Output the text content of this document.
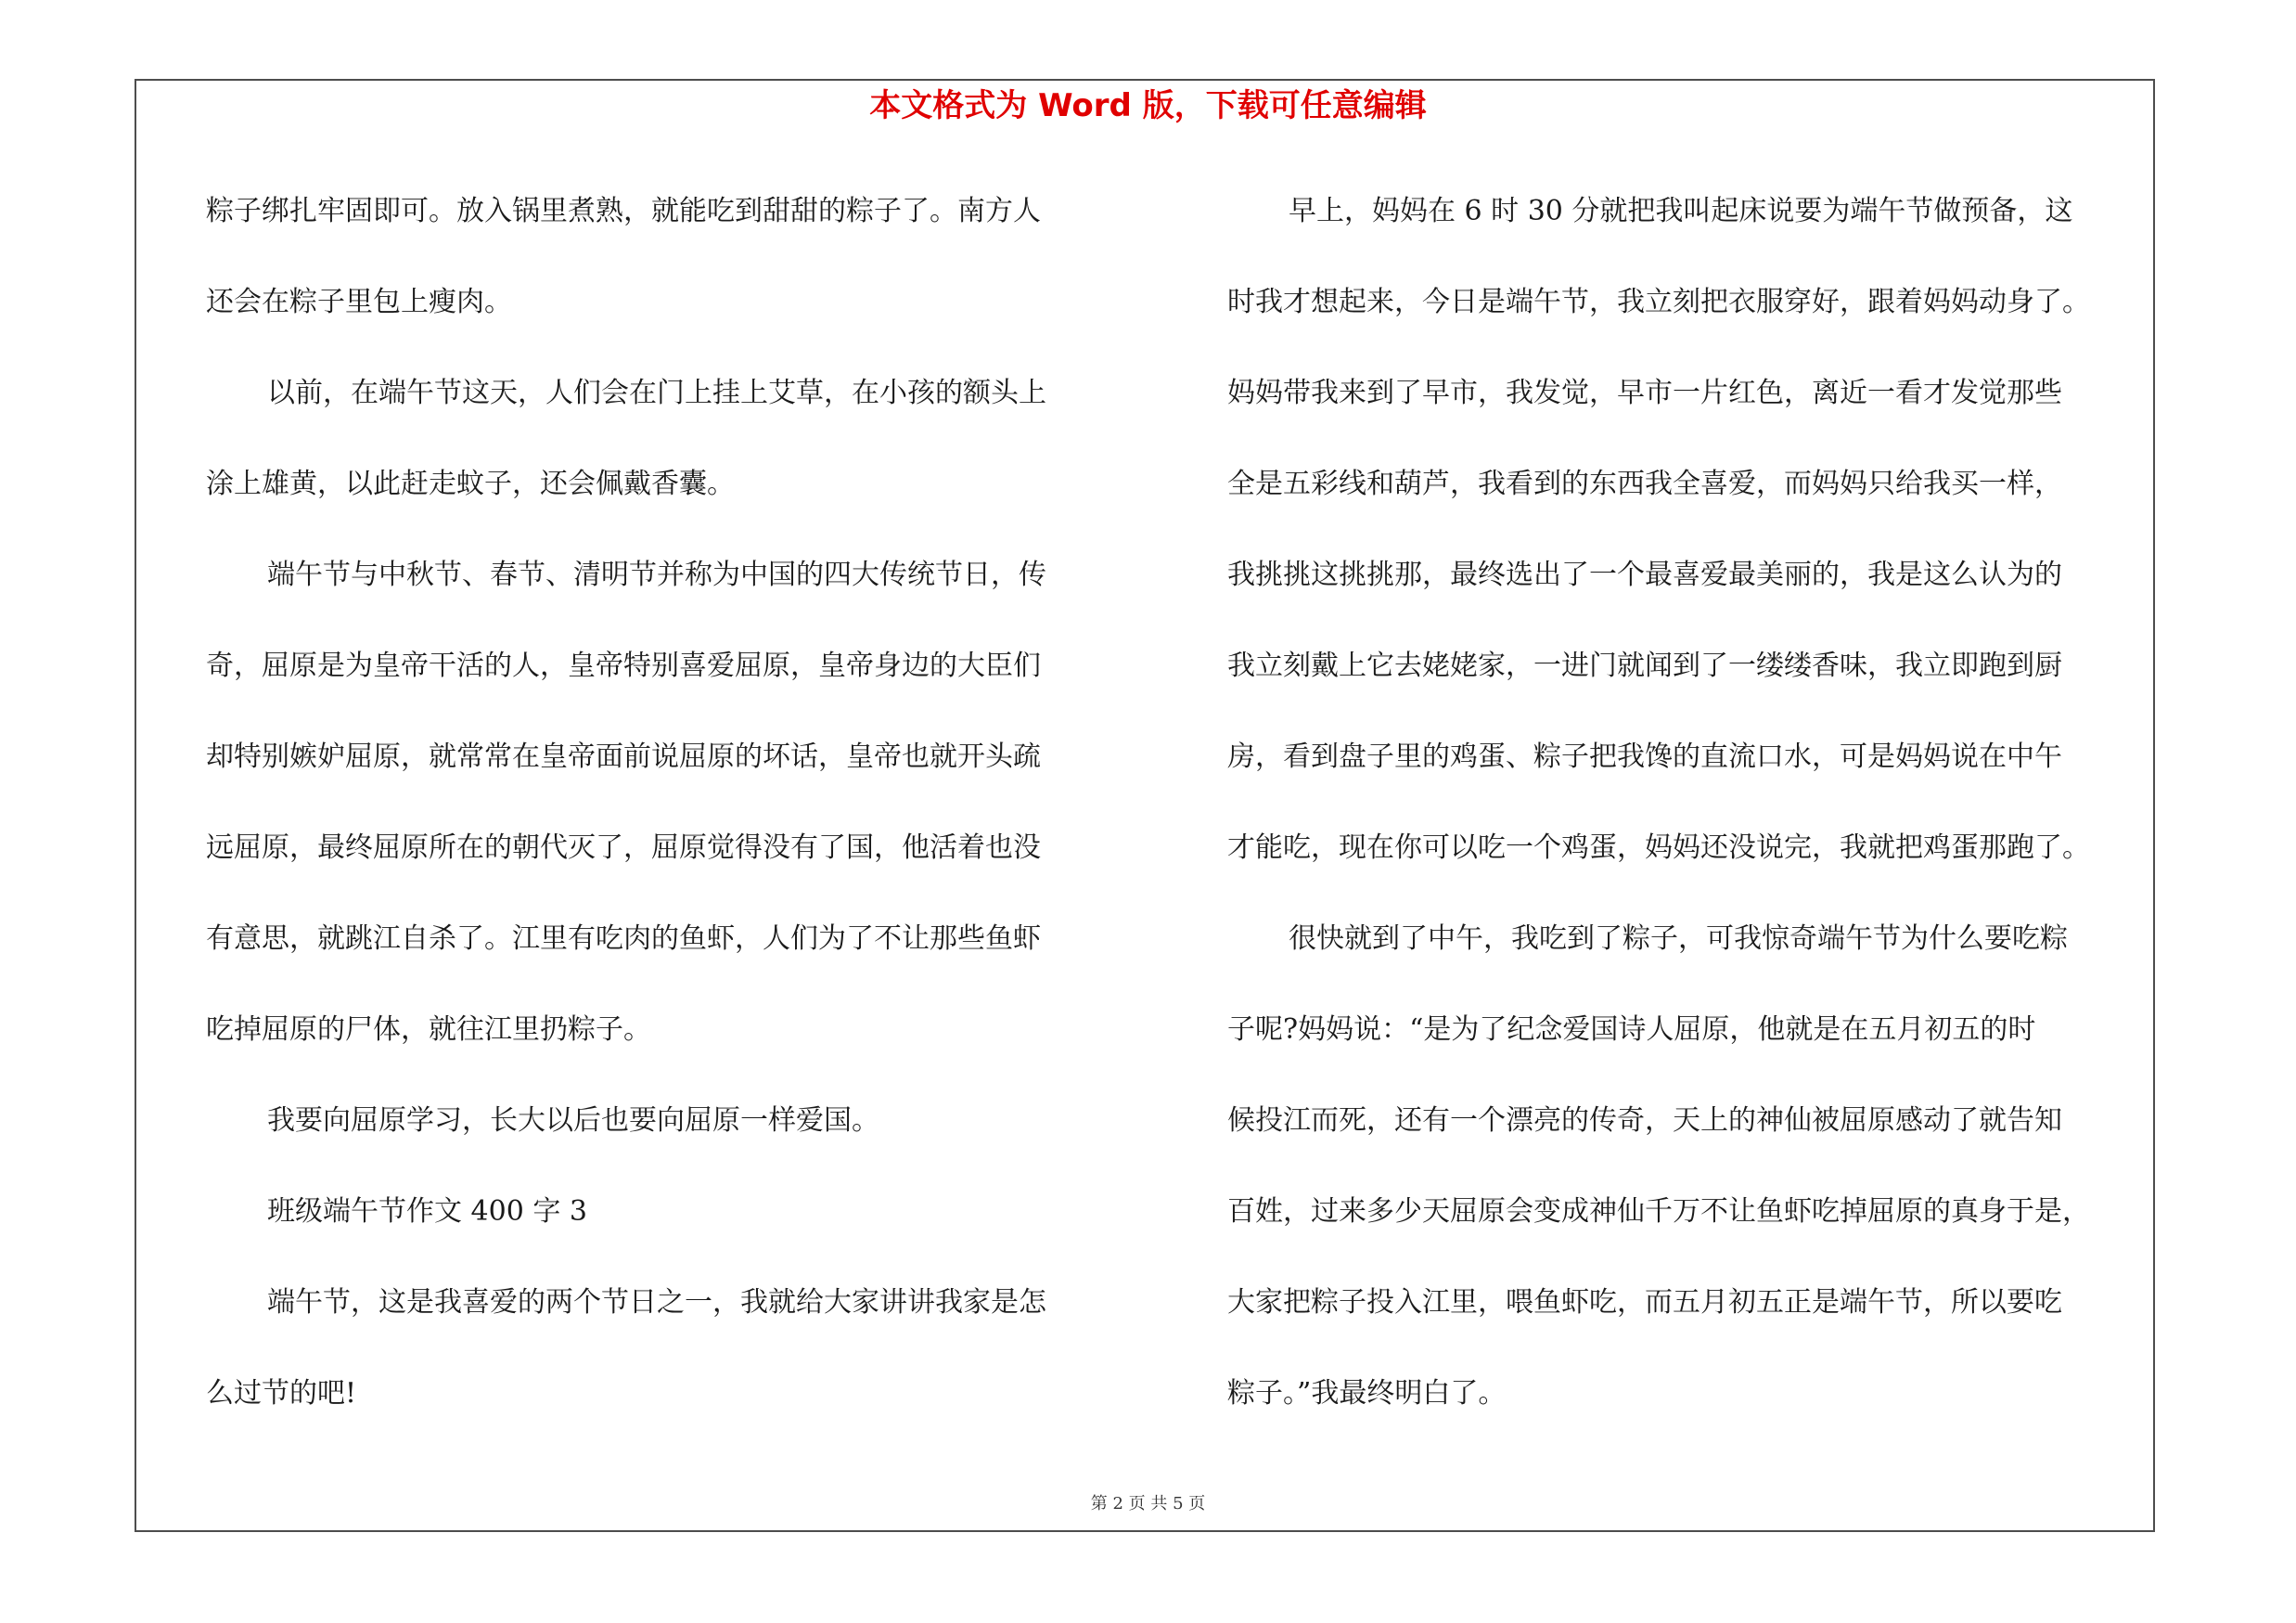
本文格式为 Word 版，下载可任意编辑
粽子绑扎牢固即可。放入锅里煮熟，就能吃到甜甜的粽子了。南方人
还会在粽子里包上瘦肉。
以前，在端午节这天，人们会在门上挂上艾草，在小孩的额头上
涂上雄黄，以此赶走蚊子，还会佩戴香囊。
端午节与中秋节、春节、清明节并称为中国的四大传统节日，传
奇，屈原是为皇帝干活的人，皇帝特别喜爱屈原，皇帝身边的大臣们
却特别嫉妒屈原，就常常在皇帝面前说屈原的坏话，皇帝也就开头疏
远屈原，最终屈原所在的朝代灭了，屈原觉得没有了国，他活着也没
有意思，就跳江自杀了。江里有吃肉的鱼虾，人们为了不让那些鱼虾
吃掉屈原的尸体，就往江里扔粽子。
我要向屈原学习，长大以后也要向屈原一样爱国。
班级端午节作文 400 字 3
端午节，这是我喜爱的两个节日之一，我就给大家讲讲我家是怎
么过节的吧!
早上，妈妈在 6 时 30 分就把我叫起床说要为端午节做预备，这
时我才想起来，今日是端午节，我立刻把衣服穿好，跟着妈妈动身了。
妈妈带我来到了早市，我发觉，早市一片红色，离近一看才发觉那些
全是五彩线和葫芦，我看到的东西我全喜爱，而妈妈只给我买一样，
我挑挑这挑挑那，最终选出了一个最喜爱最美丽的，我是这么认为的
我立刻戴上它去姥姥家，一进门就闻到了一缕缕香味，我立即跑到厨
房，看到盘子里的鸡蛋、粽子把我馋的直流口水，可是妈妈说在中午
才能吃，现在你可以吃一个鸡蛋，妈妈还没说完，我就把鸡蛋那跑了。
很快就到了中午，我吃到了粽子，可我惊奇端午节为什么要吃粽
子呢?妈妈说：“是为了纪念爱国诗人屈原，他就是在五月初五的时
候投江而死，还有一个漂亮的传奇，天上的神仙被屈原感动了就告知
百姓，过来多少天屈原会变成神仙千万不让鱼虾吃掉屈原的真身于是，
大家把粽子投入江里，喂鱼虾吃，而五月初五正是端午节，所以要吃
粽子。”我最终明白了。
第 2 页 共 5 页
